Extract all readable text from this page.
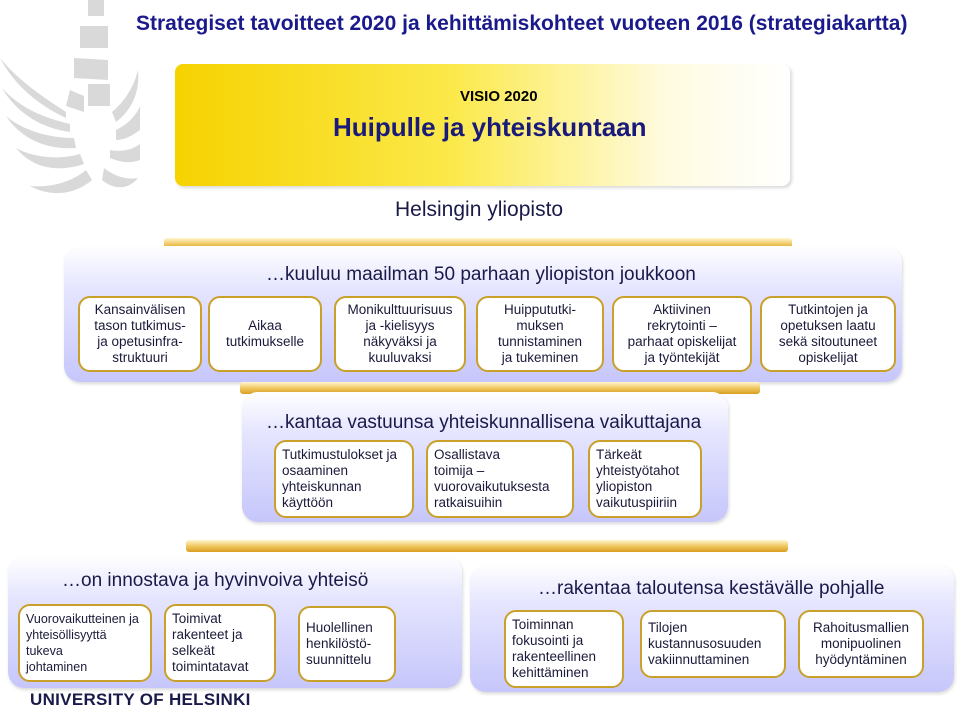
Strategiset tavoitteet 2020 ja kehittämiskohteet vuoteen 2016 (strategiakartta)
VISIO 2020
Huipulle ja yhteiskuntaan
Helsingin yliopisto
…kuuluu maailman 50 parhaan yliopiston joukkoon
Kansainvälisen
tason tutkimus-
ja opetusinfra-
struktuuri
Aikaa
tutkimukselle
Monikulttuurisuus
ja -kielisyys
näkyväksi ja
kuuluvaksi
Huippututki-
muksen
tunnistaminen
ja tukeminen
Aktiivinen
rekrytointi –
parhaat opiskelijat
ja työntekijät
Tutkintojen ja
opetuksen laatu
sekä sitoutuneet
opiskelijat
…kantaa vastuunsa yhteiskunnallisena vaikuttajana
Tutkimustulokset ja
osaaminen
yhteiskunnan
käyttöön
Osallistava
toimija –
vuorovaikutuksesta
ratkaisuihin
Tärkeät
yhteistyötahot
yliopiston
vaikutuspiiriin
…on innostava ja hyvinvoiva yhteisö
Vuorovaikutteinen ja
yhteisöllisyyttä
tukeva
johtaminen
Toimivat
rakenteet ja
selkeät
toimintatavat
Huolellinen
henkilöstö-
suunnittelu
…rakentaa taloutensa kestävälle pohjalle
Toiminnan
fokusointi ja
rakenteellinen
kehittäminen
Tilojen
kustannusosuuden
vakiinnuttaminen
Rahoitusmallien
monipuolinen
hyödyntäminen
UNIVERSITY OF HELSINKI
